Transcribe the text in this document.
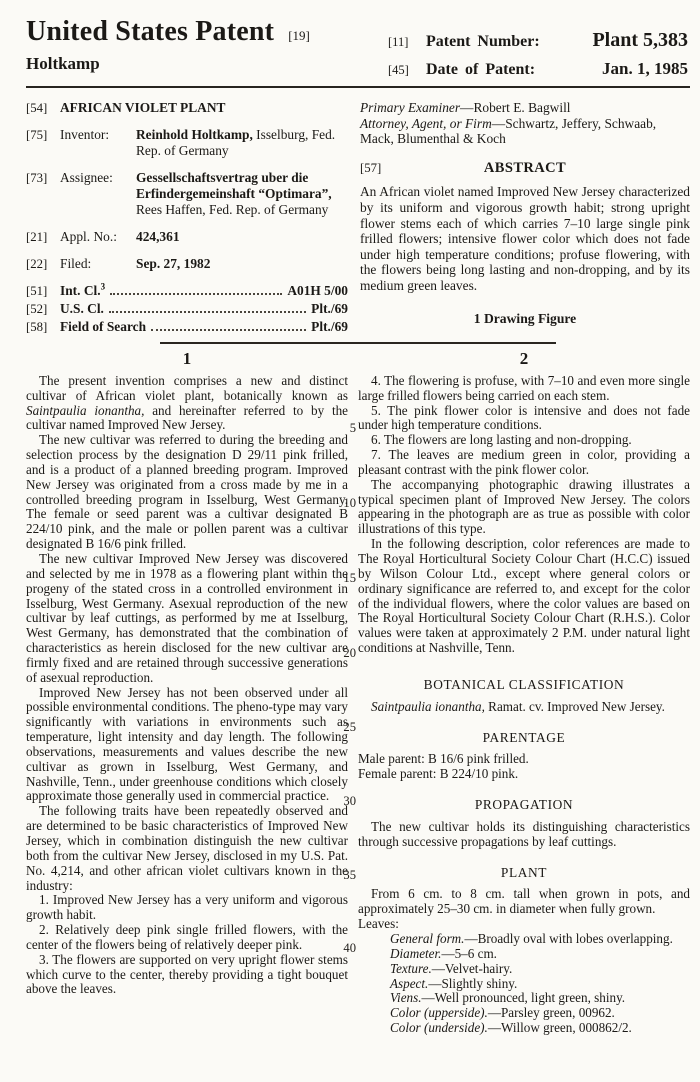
United States Patent [19]
Holtkamp
[11]	Patent Number:	Plant 5,383
[45]	Date of Patent:	Jan. 1, 1985
[54] AFRICAN VIOLET PLANT
[75] Inventor:	Reinhold Holtkamp, Isselburg, Fed. Rep. of Germany
[73] Assignee:	Gessellschaftsvertrag uber die Erfindergemeinshaft “Optimara”, Rees Haffen, Fed. Rep. of Germany
[21] Appl. No.:	424,361
[22] Filed:	Sep. 27, 1982
[51] Int. Cl.$^3$	A01H 5/00
[52] U.S. Cl.	Plt./69
[58] Field of Search	Plt./69
Primary Examiner—Robert E. Bagwill
Attorney, Agent, or Firm—Schwartz, Jeffery, Schwaab, Mack, Blumenthal & Koch
[57]	ABSTRACT
An African violet named Improved New Jersey characterized by its uniform and vigorous growth habit; strong upright flower stems each of which carries 7–10 large single pink frilled flowers; intensive flower color which does not fade under high temperature conditions; profuse flowering, with the flowers being long lasting and non-dropping, and by its medium green leaves.
1 Drawing Figure
5
10
15
20
25
30
35
40
1

The present invention comprises a new and distinct cultivar of African violet plant, botanically known as Saintpaulia ionantha, and hereinafter referred to by the cultivar named Improved New Jersey.

The new cultivar was referred to during the breeding and selection process by the designation D 29/11 pink frilled, and is a product of a planned breeding program. Improved New Jersey was originated from a cross made by me in a controlled breeding program in Isselburg, West Germany. The female or seed parent was a cultivar designated B 224/10 pink, and the male or pollen parent was a cultivar designated B 16/6 pink frilled.

The new cultivar Improved New Jersey was discovered and selected by me in 1978 as a flowering plant within the progeny of the stated cross in a controlled environment in Isselburg, West Germany. Asexual reproduction of the new cultivar by leaf cuttings, as performed by me at Isselburg, West Germany, has demonstrated that the combination of characteristics as herein disclosed for the new cultivar are firmly fixed and are retained through successive generations of asexual reproduction.

Improved New Jersey has not been observed under all possible environmental conditions. The pheno-type may vary significantly with variations in environments such as temperature, light intensity and day length. The following observations, measurements and values describe the new cultivar as grown in Isselburg, West Germany, and Nashville, Tenn., under greenhouse conditions which closely approximate those generally used in commercial practice.

The following traits have been repeatedly observed and are determined to be basic characteristics of Improved New Jersey, which in combination distinguish the new cultivar both from the cultivar New Jersey, disclosed in my U.S. Pat. No. 4,214, and other african violet cultivars known in the industry:

1. Improved New Jersey has a very uniform and vigorous growth habit.

2. Relatively deep pink single frilled flowers, with the center of the flowers being of relatively deeper pink.

3. The flowers are supported on very upright flower stems which curve to the center, thereby providing a tight bouquet above the leaves.

2

4. The flowering is profuse, with 7–10 and even more single large frilled flowers being carried on each stem.

5. The pink flower color is intensive and does not fade under high temperature conditions.

6. The flowers are long lasting and non-dropping.

7. The leaves are medium green in color, providing a pleasant contrast with the pink flower color.

The accompanying photographic drawing illustrates a typical specimen plant of Improved New Jersey. The colors appearing in the photograph are as true as possible with color illustrations of this type.

In the following description, color references are made to The Royal Horticultural Society Colour Chart (H.C.C) issued by Wilson Colour Ltd., except where general colors or ordinary significance are referred to, and except for the color of the individual flowers, where the color values are based on The Royal Horticultural Society Colour Chart (R.H.S.). Color values were taken at approximately 2 P.M. under natural light conditions at Nashville, Tenn.

BOTANICAL CLASSIFICATION

Saintpaulia ionantha, Ramat. cv. Improved New Jersey.

PARENTAGE

Male parent: B 16/6 pink frilled.

Female parent: B 224/10 pink.

PROPAGATION

The new cultivar holds its distinguishing characteristics through successive propagations by leaf cuttings.

PLANT

From 6 cm. to 8 cm. tall when grown in pots, and approximately 25–30 cm. in diameter when fully grown.

Leaves:

General form.—Broadly oval with lobes overlapping.

Diameter.—5–6 cm.

Texture.—Velvet-hairy.

Aspect.—Slightly shiny.

Viens.—Well pronounced, light green, shiny.

Color (upperside).—Parsley green, 00962.

Color (underside).—Willow green, 000862/2.
